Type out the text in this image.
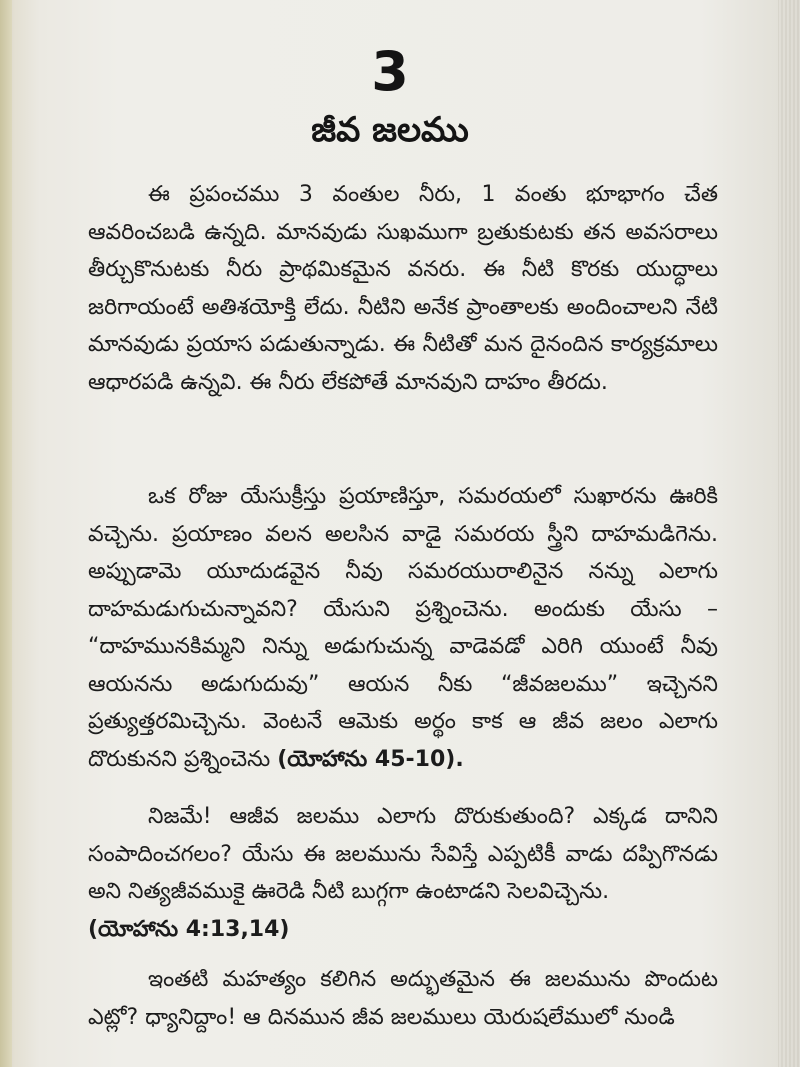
3
జీవ జలము
ఈ ప్రపంచము 3 వంతుల నీరు, 1 వంతు భూభాగం చేత ఆవరించబడి ఉన్నది. మానవుడు సుఖముగా బ్రతుకుటకు తన అవసరాలు తీర్చుకొనుటకు నీరు ప్రాథమికమైన వనరు. ఈ నీటి కొరకు యుద్ధాలు జరిగాయంటే అతిశయోక్తి లేదు. నీటిని అనేక ప్రాంతాలకు అందించాలని నేటి మానవుడు ప్రయాస పడుతున్నాడు. ఈ నీటితో మన దైనందిన కార్యక్రమాలు ఆధారపడి ఉన్నవి. ఈ నీరు లేకపోతే మానవుని దాహం తీరదు.
ఒక రోజు యేసుక్రీస్తు ప్రయాణిస్తూ, సమరయలో సుఖారను ఊరికి వచ్చెను. ప్రయాణం వలన అలసిన వాడై సమరయ స్త్రీని దాహమడిగెను. అప్పుడామె యూదుడవైన నీవు సమరయురాలినైన నన్ను ఎలాగు దాహమడుగుచున్నావని? యేసుని ప్రశ్నించెను. అందుకు యేసు – “దాహమునకిమ్మని నిన్ను అడుగుచున్న వాడెవడో ఎరిగి యుంటే నీవు ఆయనను అడుగుదువు” ఆయన నీకు “జీవజలము” ఇచ్చెనని ప్రత్యుత్తరమిచ్చెను. వెంటనే ఆమెకు అర్థం కాక ఆ జీవ జలం ఎలాగు దొరుకునని ప్రశ్నించెను (యోహాను 45-10).
నిజమే! ఆజీవ జలము ఎలాగు దొరుకుతుంది? ఎక్కడ దానిని సంపాదించగలం? యేసు ఈ జలమును సేవిస్తే ఎప్పటికీ వాడు దప్పిగొనడు అని నిత్యజీవముకై ఊరెడి నీటి బుగ్గగా ఉంటాడని సెలవిచ్చెను.
(యోహాను 4:13,14)
ఇంతటి మహత్యం కలిగిన అద్భుతమైన ఈ జలమును పొందుట ఎట్లో? ధ్యానిద్దాం! ఆ దినమున జీవ జలములు యెరుషలేములో నుండి
